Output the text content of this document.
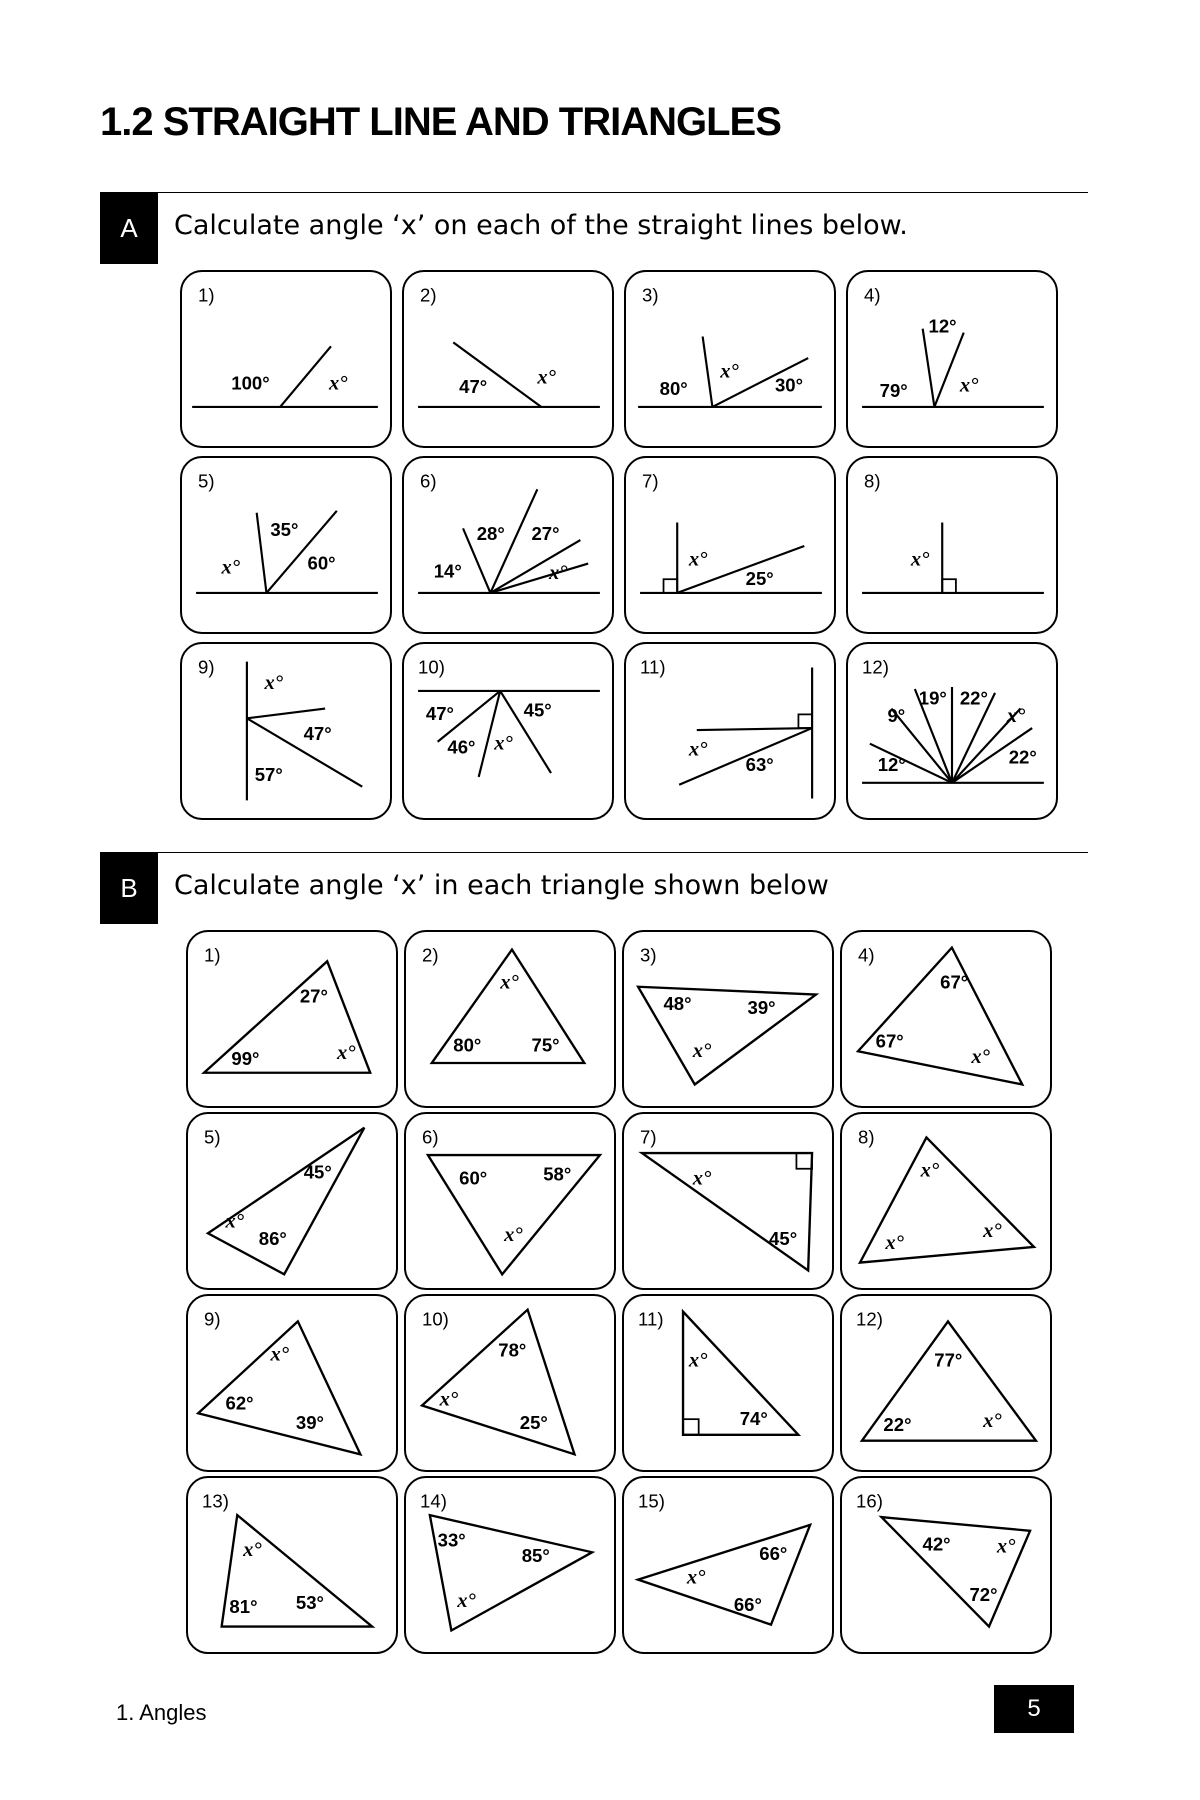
1.2 STRAIGHT LINE AND TRIANGLES
A	Calculate angle ‘x’ on each of the straight lines below.
1)
100°	x°
2)
47° x°
3)
80°
x°
30°
4)
12°
79° x°
5)
35°
x°	60°
6)
28° 27°
14°	x°
7)
x°
25°
8)
x°
9)
x°
47°
57°
10)
47°	45°
46° x°
11)
x°
63°
12)
9°
19° 22°
x°
12°	22°
B	Calculate angle ‘x’ in each triangle shown below
1)
27°
99°	x°
2)
x°
80°	75°
3)
48°	39°
x°
4)
67°
67°
x°
5)
45°
x°
86°
6)
60°	58°
x°
7)
x°
45°
8)
x°
x°
x°
9)
x°
62°
39°
10)
78°
x°
25°
11)
x°
74°
12)
77°
22°	x°
13)
x°
81° 53°
14)
33°
85°
x°
15)
66°
x°
66°
16)
42° x°
72°
1. Angles	5
